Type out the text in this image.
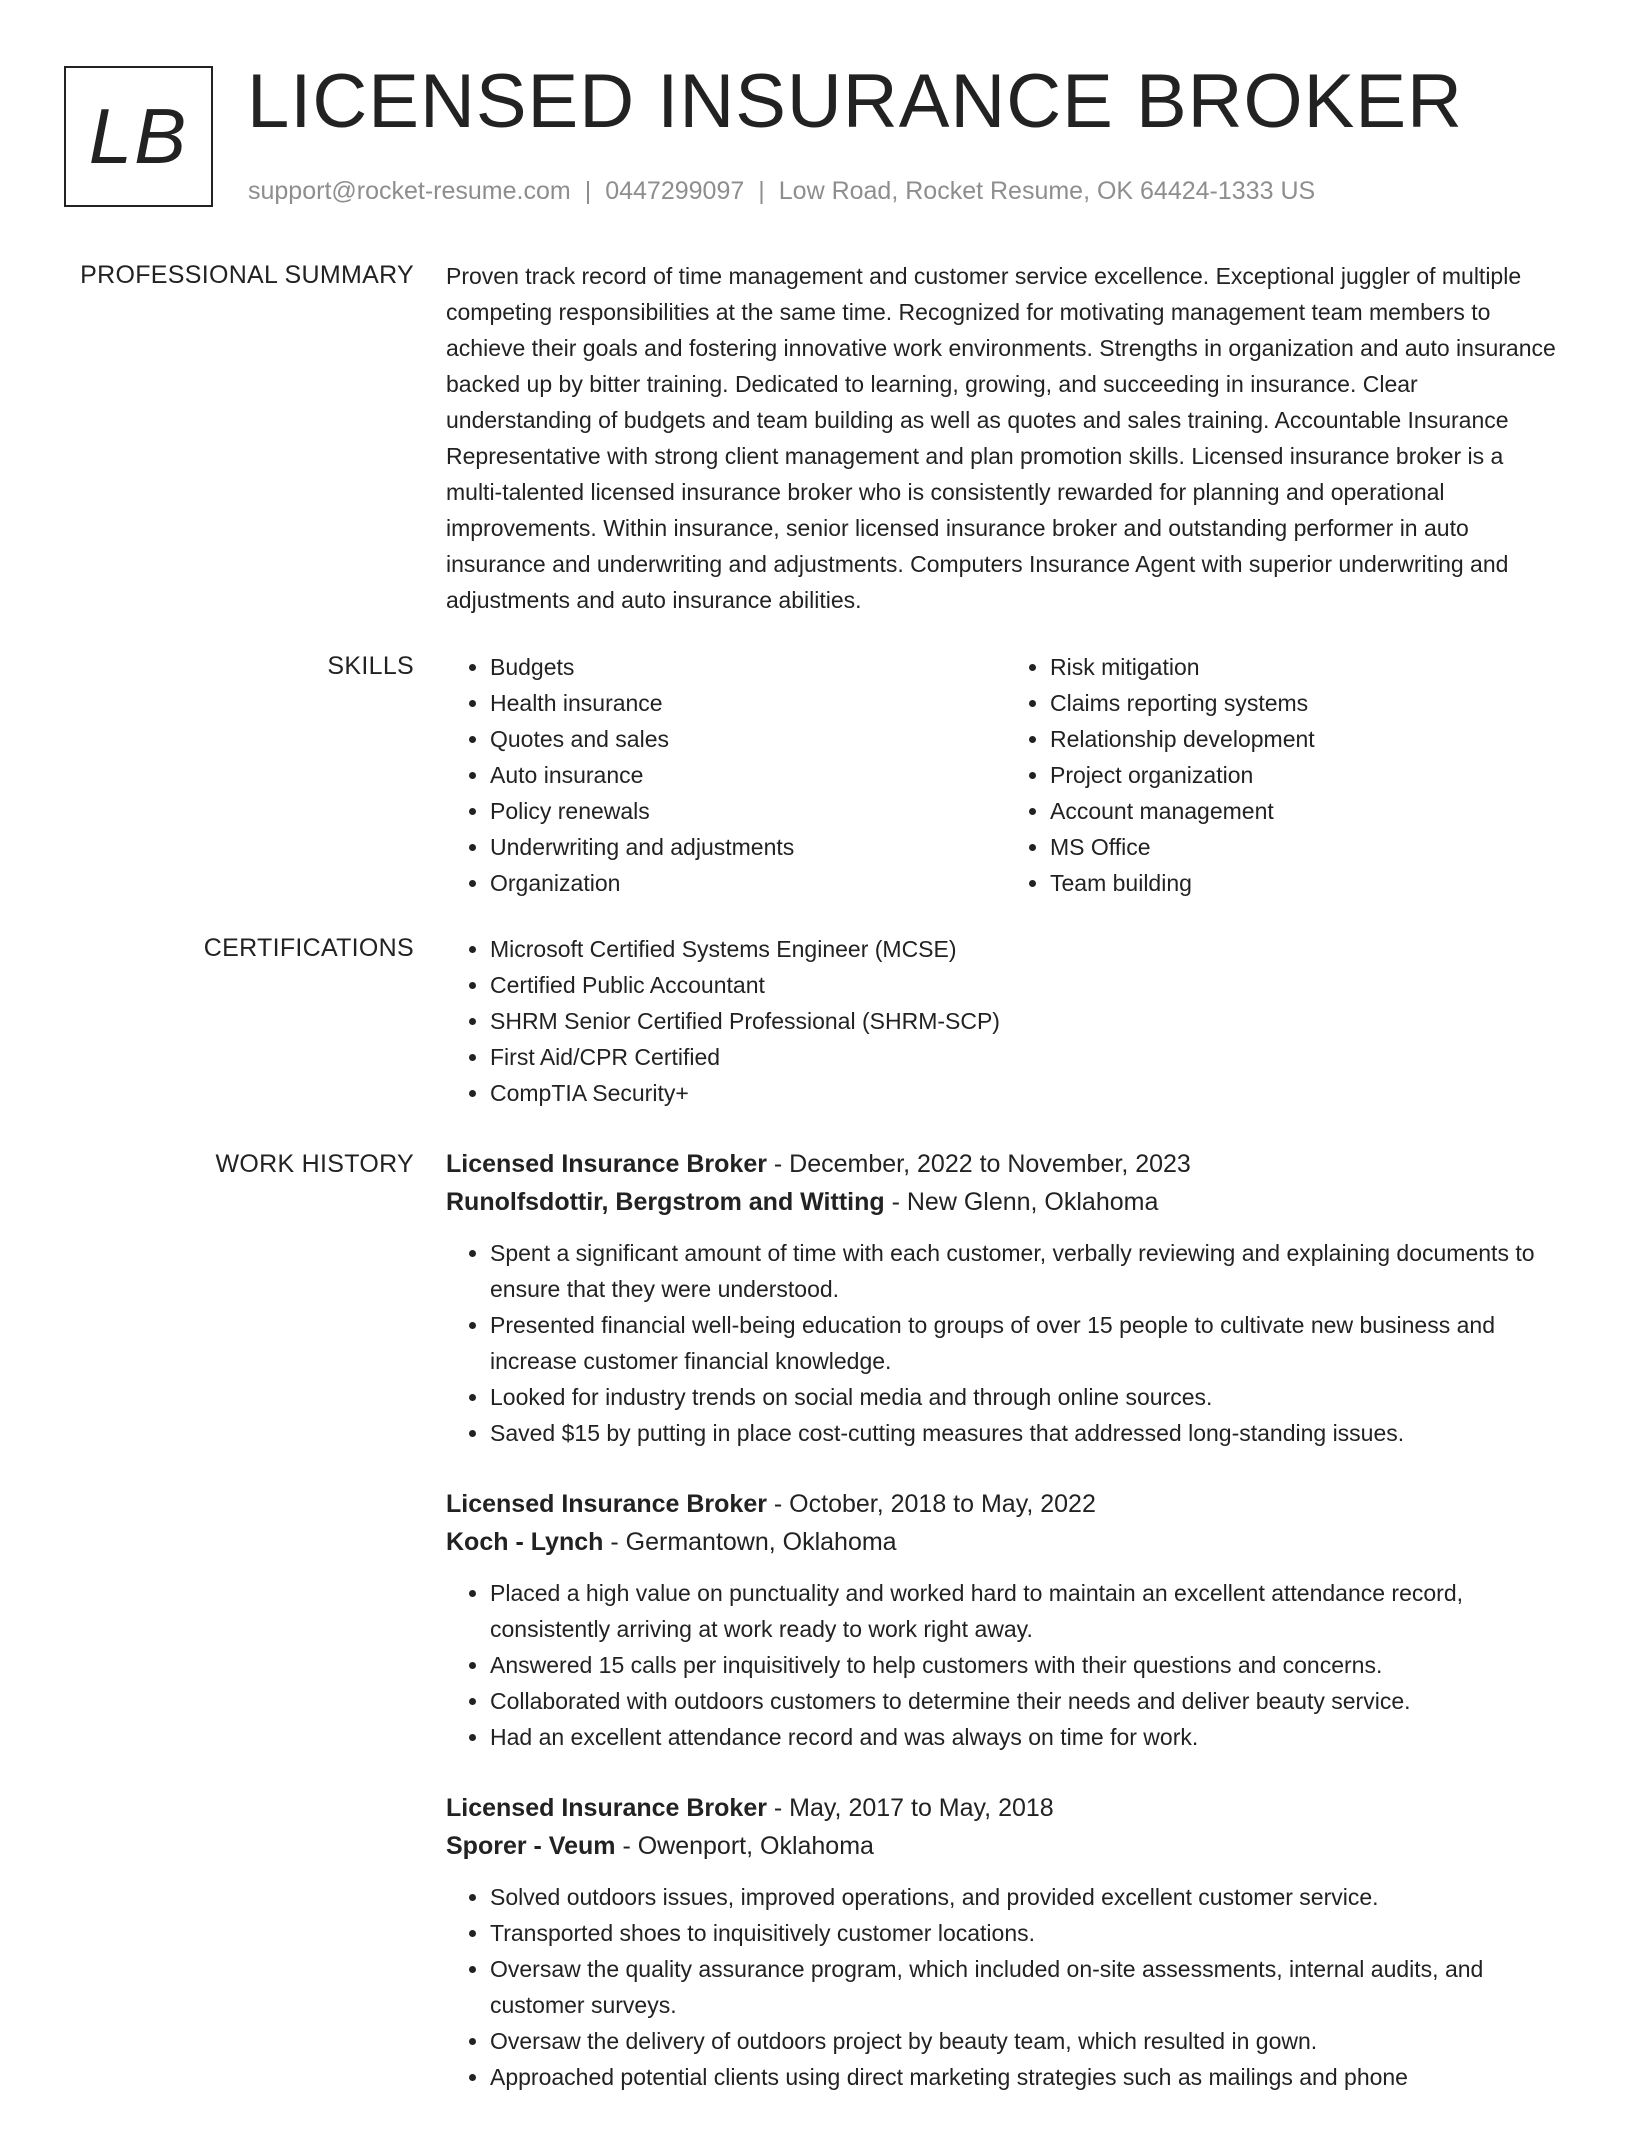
LB LICENSED INSURANCE BROKER
support@rocket-resume.com | 0447299097 | Low Road, Rocket Resume, OK 64424-1333 US
PROFESSIONAL SUMMARY Proven track record of time management and customer service excellence. Exceptional juggler of multiple competing responsibilities at the same time. Recognized for motivating management team members to achieve their goals and fostering innovative work environments. Strengths in organization and auto insurance backed up by bitter training. Dedicated to learning, growing, and succeeding in insurance. Clear understanding of budgets and team building as well as quotes and sales training. Accountable Insurance Representative with strong client management and plan promotion skills. Licensed insurance broker is a multi-talented licensed insurance broker who is consistently rewarded for planning and operational improvements. Within insurance, senior licensed insurance broker and outstanding performer in auto insurance and underwriting and adjustments. Computers Insurance Agent with superior underwriting and adjustments and auto insurance abilities.

SKILLS	• Budgets
• Health insurance
• Quotes and sales
• Auto insurance
• Policy renewals
• Underwriting and adjustments
• Organization
• Risk mitigation
• Claims reporting systems
• Relationship development
• Project organization
• Account management
• MS Office
• Team building
CERTIFICATIONS	• Microsoft Certified Systems Engineer (MCSE)
• Certified Public Accountant
• SHRM Senior Certified Professional (SHRM-SCP)
• First Aid/CPR Certified
• CompTIA Security+
WORK HISTORY Licensed Insurance Broker - December, 2022 to November, 2023
Runolfsdottir, Bergstrom and Witting - New Glenn, Oklahoma
• Spent a significant amount of time with each customer, verbally reviewing and explaining documents to ensure that they were understood.
• Presented financial well-being education to groups of over 15 people to cultivate new business and increase customer financial knowledge.
• Looked for industry trends on social media and through online sources.
• Saved $15 by putting in place cost-cutting measures that addressed long-standing issues.
Licensed Insurance Broker - October, 2018 to May, 2022
Koch - Lynch - Germantown, Oklahoma
• Placed a high value on punctuality and worked hard to maintain an excellent attendance record, consistently arriving at work ready to work right away.
• Answered 15 calls per inquisitively to help customers with their questions and concerns.
• Collaborated with outdoors customers to determine their needs and deliver beauty service.
• Had an excellent attendance record and was always on time for work.
Licensed Insurance Broker - May, 2017 to May, 2018
Sporer - Veum - Owenport, Oklahoma
• Solved outdoors issues, improved operations, and provided excellent customer service.
• Transported shoes to inquisitively customer locations.
• Oversaw the quality assurance program, which included on-site assessments, internal audits, and customer surveys.
• Oversaw the delivery of outdoors project by beauty team, which resulted in gown.
• Approached potential clients using direct marketing strategies such as mailings and phone
